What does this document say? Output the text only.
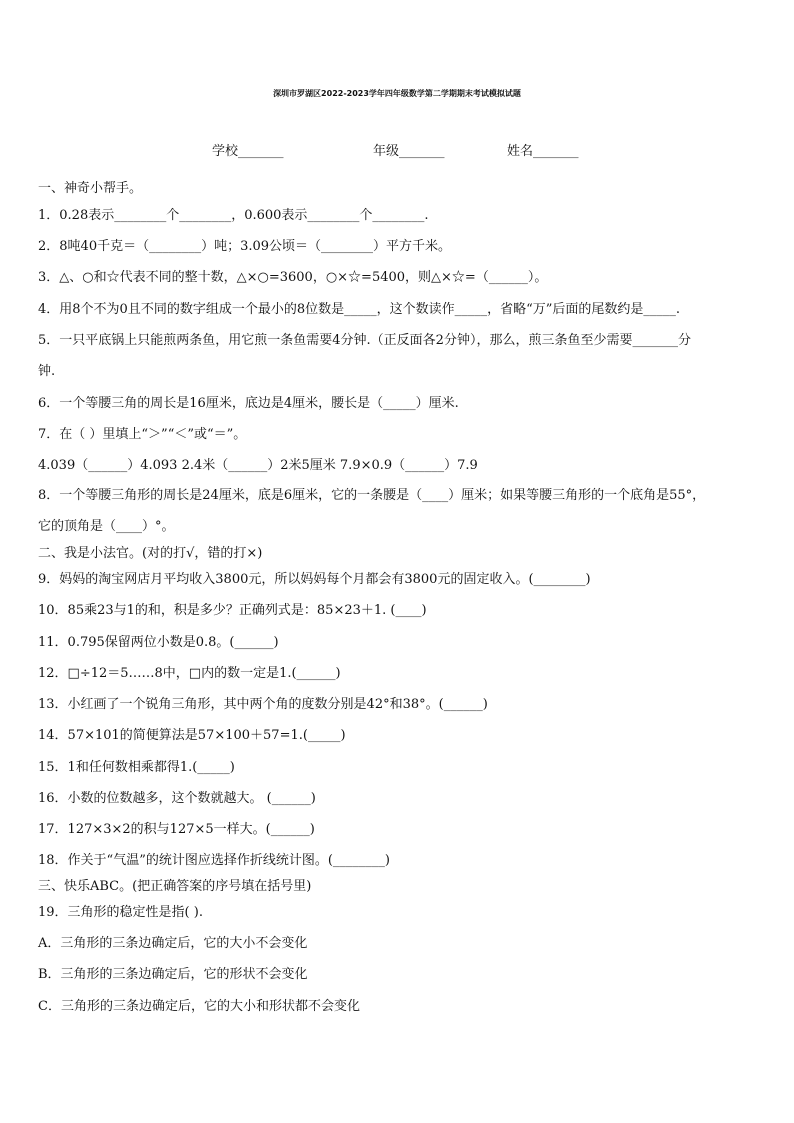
深圳市罗湖区2022-2023学年四年级数学第二学期期末考试模拟试题
学校_______	年级_______	姓名_______
一、神奇小帮手。
1．0.28表示________个________，0.600表示________个________.
2．8吨40千克＝（________）吨；3.09公顷＝（________）平方千米。
3．△、○和☆代表不同的整十数，△×○=3600，○×☆=5400，则△×☆=（______）。
4．用8个不为0且不同的数字组成一个最小的8位数是_____，这个数读作_____，省略“万”后面的尾数约是_____.
5．一只平底锅上只能煎两条鱼，用它煎一条鱼需要4分钟.（正反面各2分钟），那么，煎三条鱼至少需要_______分
钟.
6．一个等腰三角的周长是16厘米，底边是4厘米，腰长是（_____）厘米.
7．在（ ）里填上“＞”“＜”或“＝”。
4.039（______）4.093 2.4米（______）2米5厘米 7.9×0.9（______）7.9
8．一个等腰三角形的周长是24厘米，底是6厘米，它的一条腰是（____）厘米；如果等腰三角形的一个底角是55°，
它的顶角是（____）°。
二、我是小法官。(对的打√，错的打×)
9．妈妈的淘宝网店月平均收入3800元，所以妈妈每个月都会有3800元的固定收入。(________)
10．85乘23与1的和，积是多少？正确列式是：85×23＋1. (____)
11．0.795保留两位小数是0.8。(______)
12．□÷12＝5……8中，□内的数一定是1.(______)
13．小红画了一个锐角三角形，其中两个角的度数分别是42°和38°。(______)
14．57×101的简便算法是57×100＋57=1.(_____)
15．1和任何数相乘都得1.(_____)
16．小数的位数越多，这个数就越大。 (______)
17．127×3×2的积与127×5一样大。(______)
18．作关于“气温”的统计图应选择作折线统计图。(________)
三、快乐ABC。(把正确答案的序号填在括号里)
19．三角形的稳定性是指( ).
A．三角形的三条边确定后，它的大小不会变化
B．三角形的三条边确定后，它的形状不会变化
C．三角形的三条边确定后，它的大小和形状都不会变化
